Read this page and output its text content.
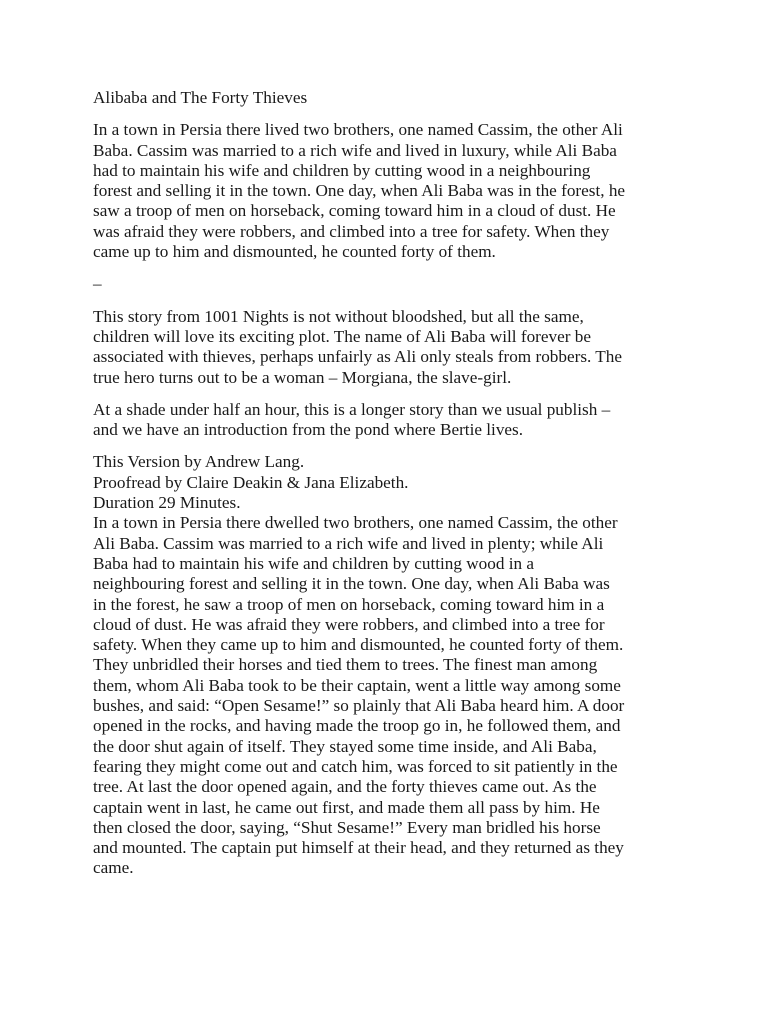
Alibaba and The Forty Thieves
In a town in Persia there lived two brothers, one named Cassim, the other Ali
Baba. Cassim was married to a rich wife and lived in luxury, while Ali Baba
had to maintain his wife and children by cutting wood in a neighbouring
forest and selling it in the town. One day, when Ali Baba was in the forest, he
saw a troop of men on horseback, coming toward him in a cloud of dust. He
was afraid they were robbers, and climbed into a tree for safety. When they
came up to him and dismounted, he counted forty of them.
–
This story from 1001 Nights is not without bloodshed, but all the same,
children will love its exciting plot. The name of Ali Baba will forever be
associated with thieves, perhaps unfairly as Ali only steals from robbers. The
true hero turns out to be a woman – Morgiana, the slave-girl.
At a shade under half an hour, this is a longer story than we usual publish –
and we have an introduction from the pond where Bertie lives.
This Version by Andrew Lang.
Proofread by Claire Deakin & Jana Elizabeth.
Duration 29 Minutes.
In a town in Persia there dwelled two brothers, one named Cassim, the other
Ali Baba. Cassim was married to a rich wife and lived in plenty; while Ali
Baba had to maintain his wife and children by cutting wood in a
neighbouring forest and selling it in the town. One day, when Ali Baba was
in the forest, he saw a troop of men on horseback, coming toward him in a
cloud of dust. He was afraid they were robbers, and climbed into a tree for
safety. When they came up to him and dismounted, he counted forty of them.
They unbridled their horses and tied them to trees. The finest man among
them, whom Ali Baba took to be their captain, went a little way among some
bushes, and said: “Open Sesame!” so plainly that Ali Baba heard him. A door
opened in the rocks, and having made the troop go in, he followed them, and
the door shut again of itself. They stayed some time inside, and Ali Baba,
fearing they might come out and catch him, was forced to sit patiently in the
tree. At last the door opened again, and the forty thieves came out. As the
captain went in last, he came out first, and made them all pass by him. He
then closed the door, saying, “Shut Sesame!” Every man bridled his horse
and mounted. The captain put himself at their head, and they returned as they
came.
